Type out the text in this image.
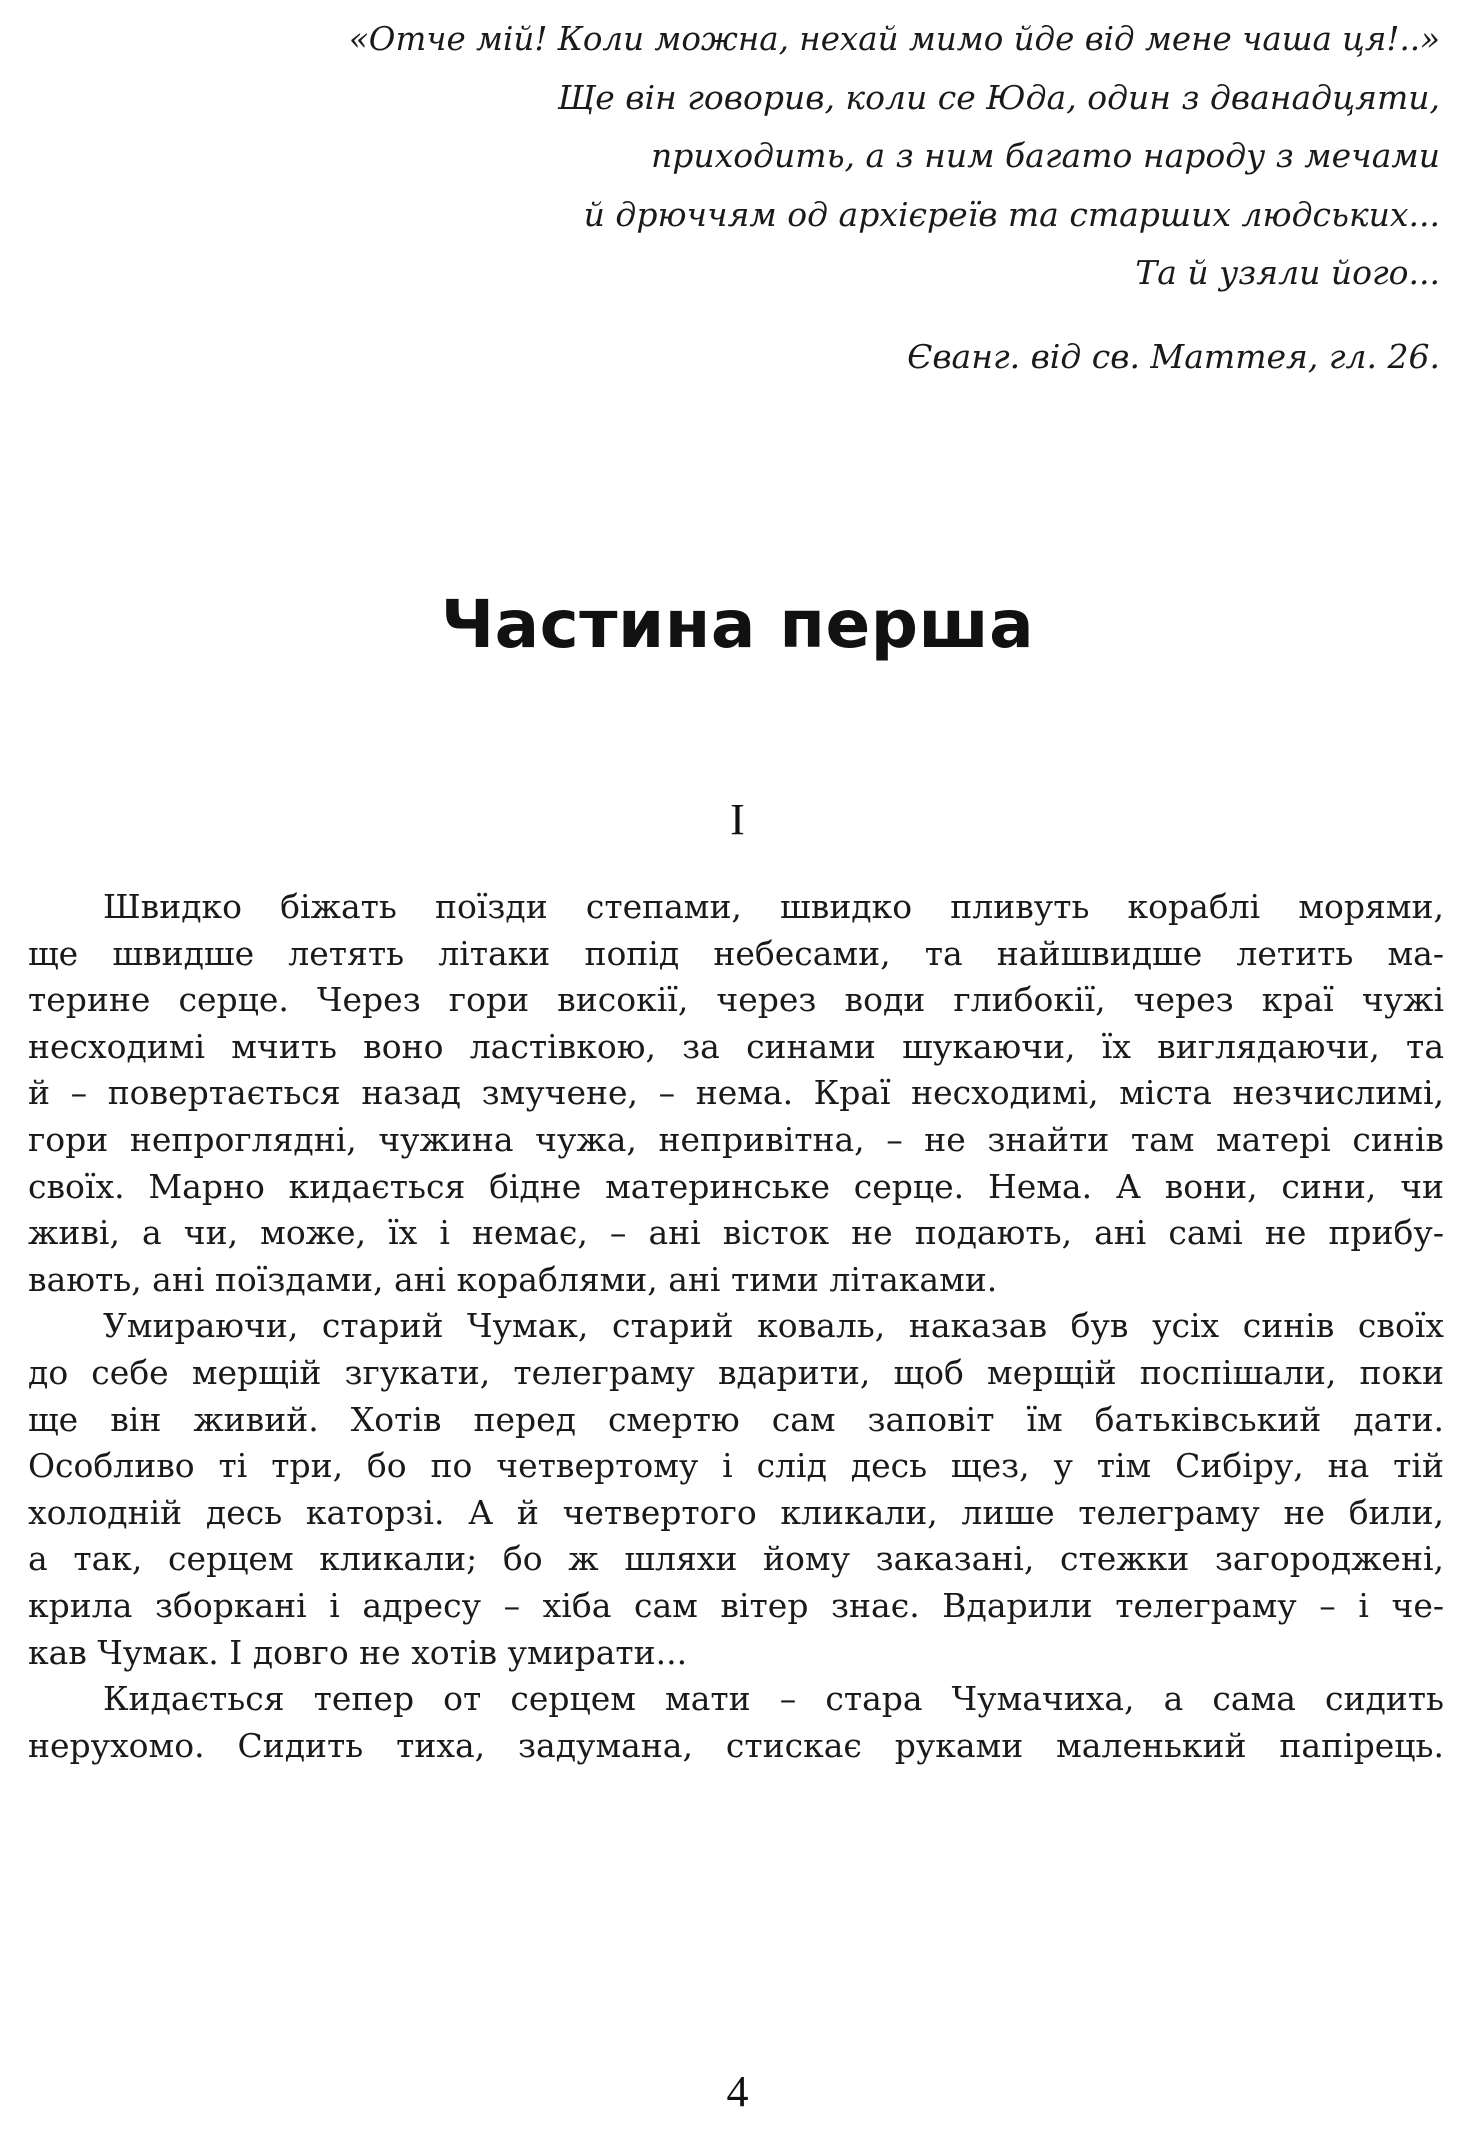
«Отче мій! Коли можна, нехай мимо йде від мене чаша ця!..»
Ще він говорив, коли се Юда, один з дванадцяти,
приходить, а з ним багато народу з мечами
й дрюччям од архієреїв та старших людських...
Та й узяли його...
Єванг. від св. Маттея, гл. 26.
Частина перша
I
Швидко біжать поїзди степами, швидко пливуть кораблі морями,
ще швидше летять літаки попід небесами, та найшвидше летить ма-
терине серце. Через гори високії, через води глибокії, через краї чужі
несходимі мчить воно ластівкою, за синами шукаючи, їх виглядаючи, та
й – повертається назад змучене, – нема. Краї несходимі, міста незчислимі,
гори непроглядні, чужина чужа, непривітна, – не знайти там матері синів
своїх. Марно кидається бідне материнське серце. Нема. А вони, сини, чи
живі, а чи, може, їх і немає, – ані вісток не подають, ані самі не прибу-
вають, ані поїздами, ані кораблями, ані тими літаками.
Умираючи, старий Чумак, старий коваль, наказав був усіх синів своїх
до себе мерщій згукати, телеграму вдарити, щоб мерщій поспішали, поки
ще він живий. Хотів перед смертю сам заповіт їм батьківський дати.
Особливо ті три, бо по четвертому і слід десь щез, у тім Сибіру, на тій
холодній десь каторзі. А й четвертого кликали, лише телеграму не били,
а так, серцем кликали; бо ж шляхи йому заказані, стежки загороджені,
крила зборкані і адресу – хіба сам вітер знає. Вдарили телеграму – і че-
кав Чумак. І довго не хотів умирати...
Кидається тепер от серцем мати – стара Чумачиха, а сама сидить
нерухомо. Сидить тиха, задумана, стискає руками маленький папірець.
4
